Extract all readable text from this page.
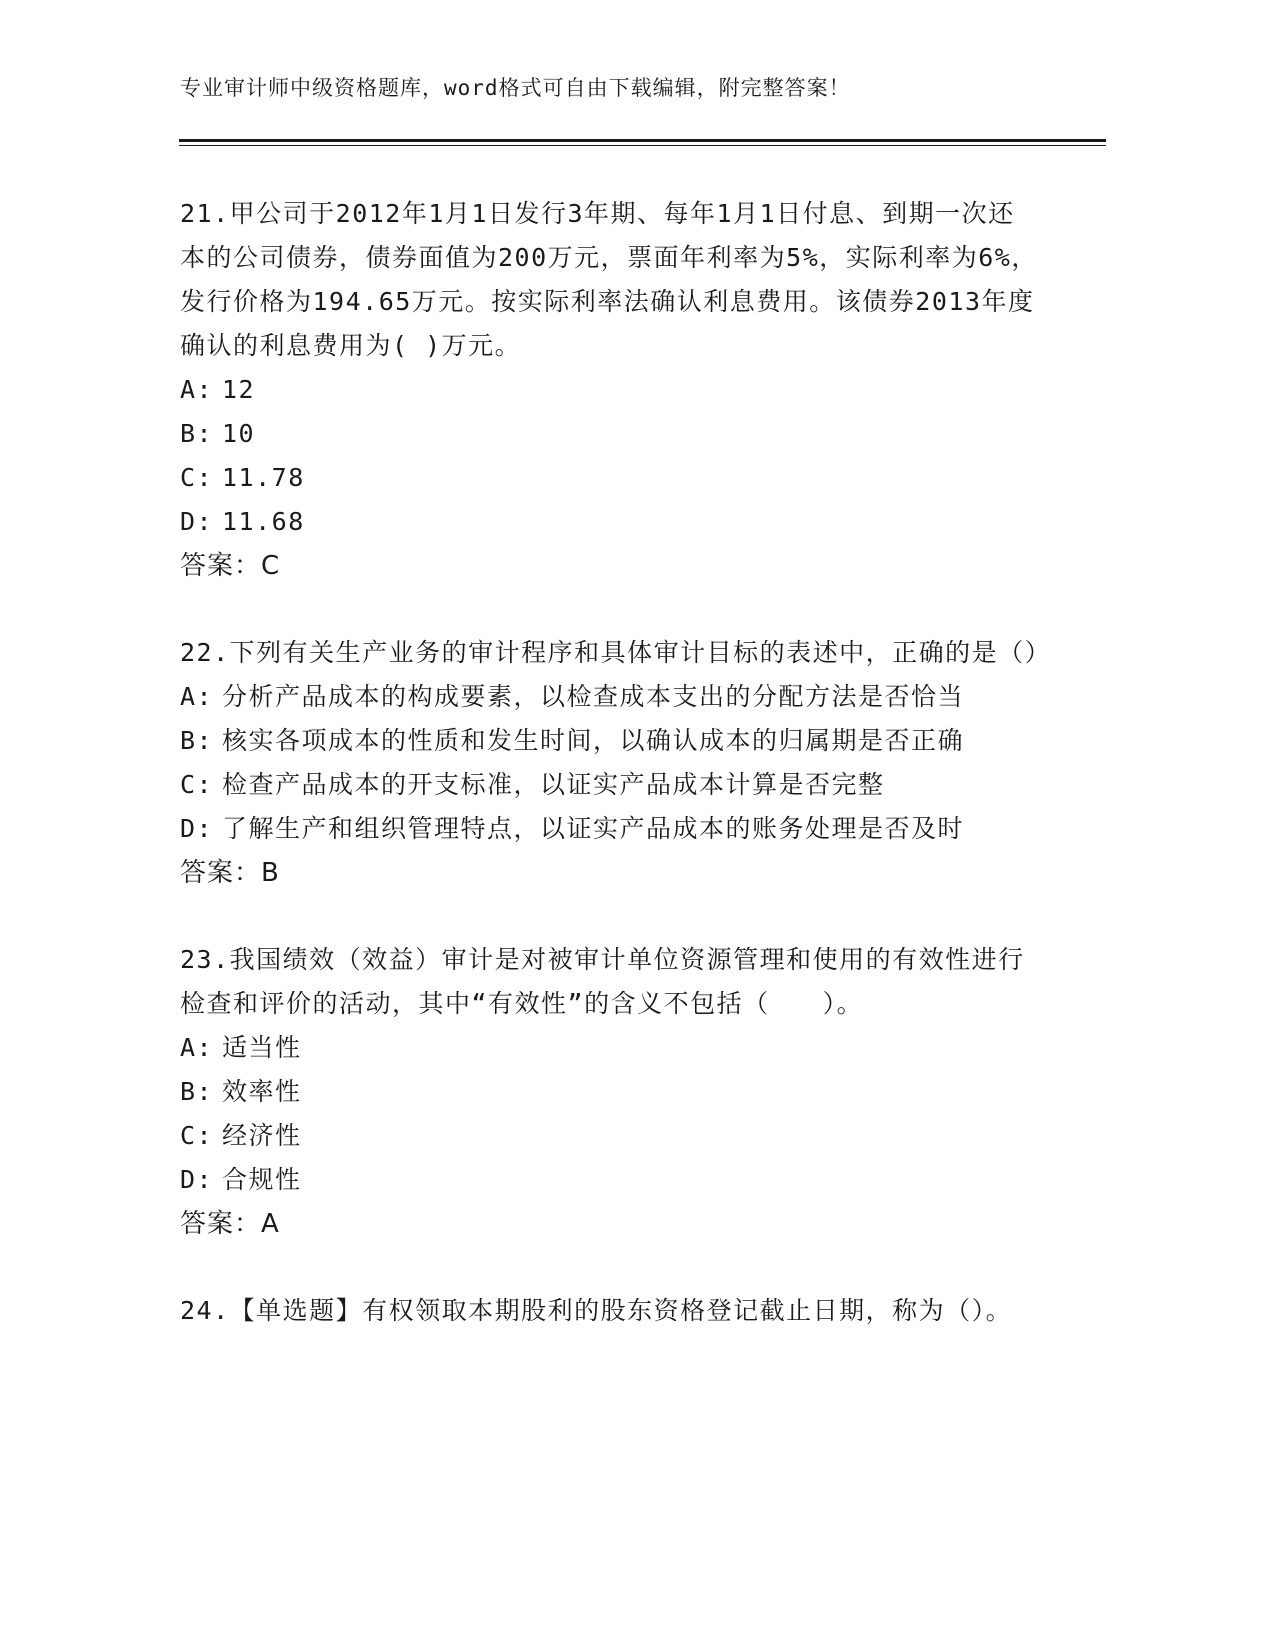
专业审计师中级资格题库，word格式可自由下载编辑，附完整答案！

21.甲公司于2012年1月1日发行3年期、每年1月1日付息、到期一次还本的公司债券，债券面值为200万元，票面年利率为5%，实际利率为6%，发行价格为194.65万元。按实际利率法确认利息费用。该债券2013年度确认的利息费用为( )万元。

A: 12

B: 10

C: 11.78

D: 11.68

答案：C

22.下列有关生产业务的审计程序和具体审计目标的表述中，正确的是（）

A: 分析产品成本的构成要素，以检查成本支出的分配方法是否恰当

B: 核实各项成本的性质和发生时间，以确认成本的归属期是否正确

C: 检查产品成本的开支标准，以证实产品成本计算是否完整

D: 了解生产和组织管理特点，以证实产品成本的账务处理是否及时

答案：B

23.我国绩效（效益）审计是对被审计单位资源管理和使用的有效性进行检查和评价的活动，其中“有效性”的含义不包括（　　）。

A: 适当性

B: 效率性

C: 经济性

D: 合规性

答案：A

24.【单选题】有权领取本期股利的股东资格登记截止日期，称为（）。
